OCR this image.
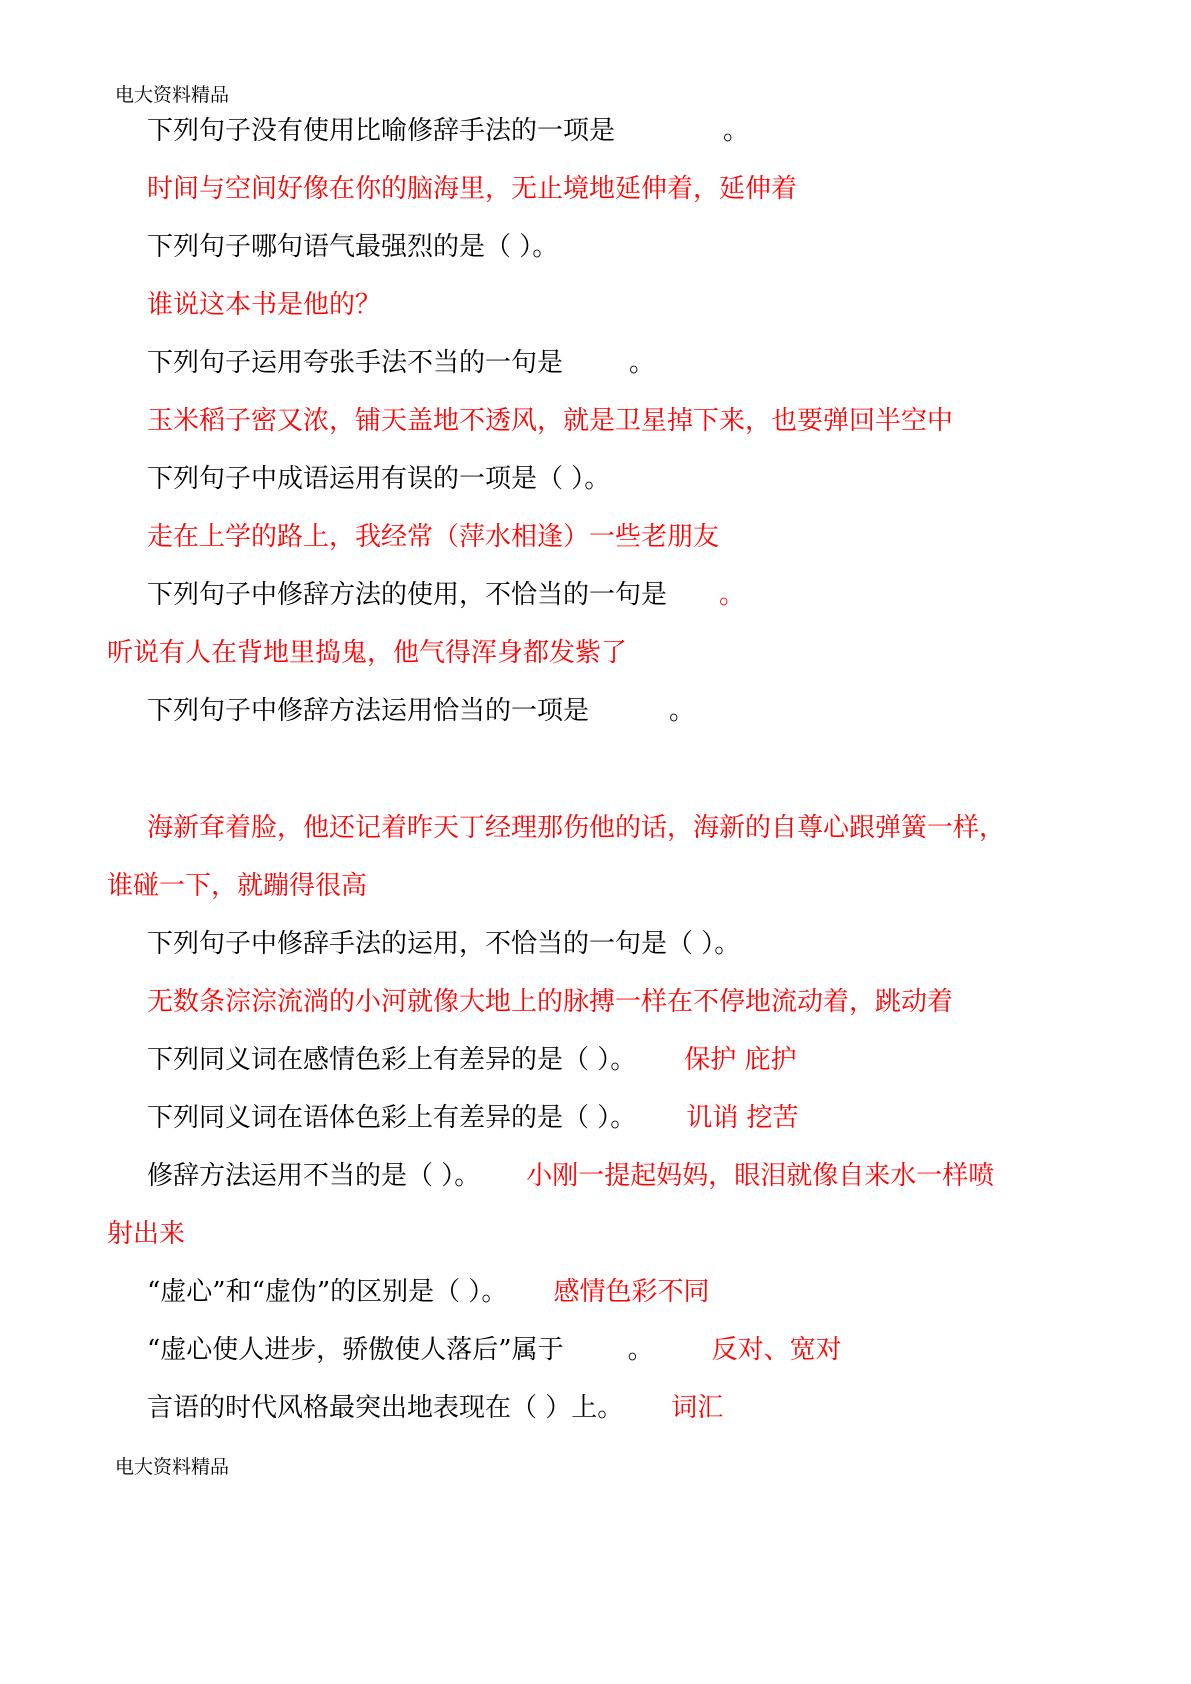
电大资料精品
下列句子没有使用比喻修辞手法的一项是	。
时间与空间好像在你的脑海里，无止境地延伸着，延伸着
下列句子哪句语气最强烈的是（ ）。
谁说这本书是他的？
下列句子运用夸张手法不当的一句是	。
玉米稻子密又浓，铺天盖地不透风，就是卫星掉下来，也要弹回半空中
下列句子中成语运用有误的一项是（ ）。
走在上学的路上，我经常（萍水相逢）一些老朋友
下列句子中修辞方法的使用，不恰当的一句是 。
听说有人在背地里捣鬼，他气得浑身都发紫了
下列句子中修辞方法运用恰当的一项是	。
海新耷着脸，他还记着昨天丁经理那伤他的话，海新的自尊心跟弹簧一样，
谁碰一下，就蹦得很高
下列句子中修辞手法的运用，不恰当的一句是（ ）。
无数条淙淙流淌的小河就像大地上的脉搏一样在不停地流动着，跳动着
下列同义词在感情色彩上有差异的是（ ）。 保护 庇护
下列同义词在语体色彩上有差异的是（ ）。 讥诮 挖苦
修辞方法运用不当的是（ ）。 小刚一提起妈妈，眼泪就像自来水一样喷
射出来
“虚心”和“虚伪”的区别是（ ）。 感情色彩不同
“虚心使人进步，骄傲使人落后”属于 。 反对、宽对
言语的时代风格最突出地表现在（ ）上。 词汇
电大资料精品
